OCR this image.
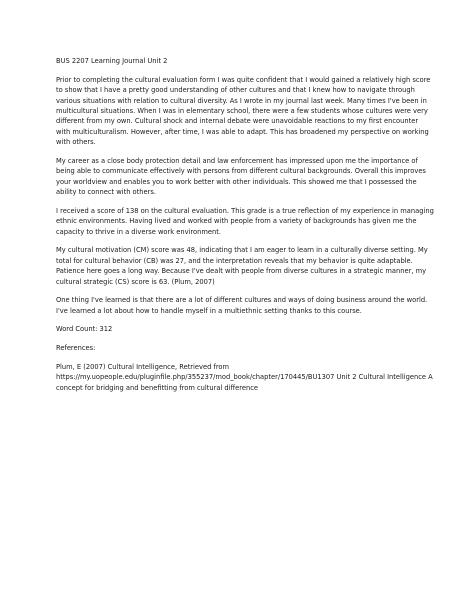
BUS 2207 Learning Journal Unit 2

Prior to completing the cultural evaluation form I was quite confident that I would gained a relatively high score to show that I have a pretty good understanding of other cultures and that I knew how to navigate through various situations with relation to cultural diversity. As I wrote in my journal last week. Many times I've been in multicultural situations. When I was in elementary school, there were a few students whose cultures were very different from my own. Cultural shock and internal debate were unavoidable reactions to my first encounter with multiculturalism. However, after time, I was able to adapt. This has broadened my perspective on working with others.

My career as a close body protection detail and law enforcement has impressed upon me the importance of being able to communicate effectively with persons from different cultural backgrounds. Overall this improves your worldview and enables you to work better with other individuals. This showed me that I possessed the ability to connect with others.

I received a score of 138 on the cultural evaluation. This grade is a true reflection of my experience in managing ethnic environments. Having lived and worked with people from a variety of backgrounds has given me the capacity to thrive in a diverse work environment.

My cultural motivation (CM) score was 48, indicating that I am eager to learn in a culturally diverse setting. My total for cultural behavior (CB) was 27, and the interpretation reveals that my behavior is quite adaptable. Patience here goes a long way. Because I've dealt with people from diverse cultures in a strategic manner, my cultural strategic (CS) score is 63. (Plum, 2007)

One thing I've learned is that there are a lot of different cultures and ways of doing business around the world. I've learned a lot about how to handle myself in a multiethnic setting thanks to this course.

Word Count: 312

References:

Plum, E (2007) Cultural Intelligence, Retrieved from https://my.uopeople.edu/pluginfile.php/355237/mod_book/chapter/170445/BU1307 Unit 2 Cultural Intelligence A concept for bridging and benefitting from cultural difference
